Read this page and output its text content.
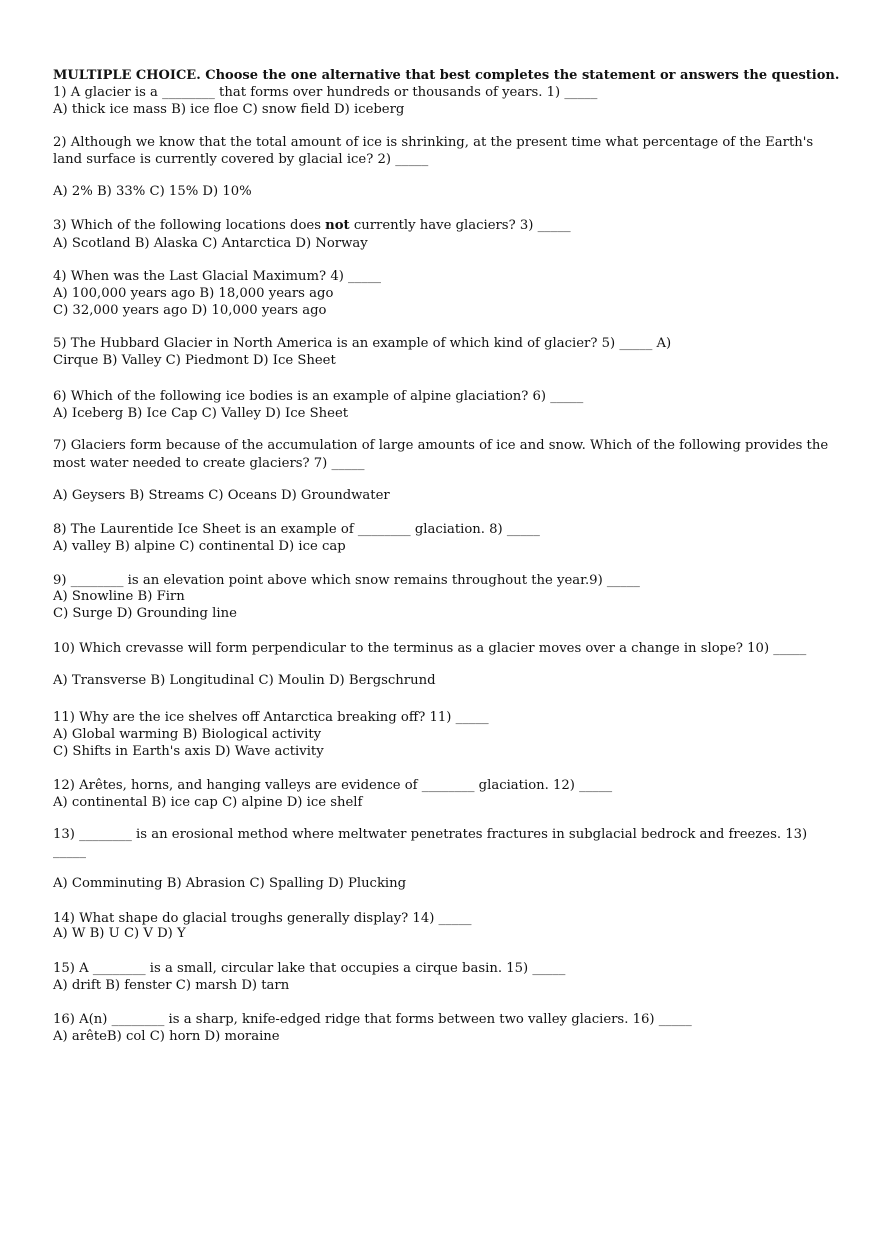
MULTIPLE CHOICE. Choose the one alternative that best completes the statement or answers the question.

1) A glacier is a ________ that forms over hundreds or thousands of years. 1) _____

A) thick ice mass B) ice floe C) snow field D) iceberg

2) Although we know that the total amount of ice is shrinking, at the present time what percentage of the Earth's

land surface is currently covered by glacial ice? 2) _____

A) 2% B) 33% C) 15% D) 10%

3) Which of the following locations does not currently have glaciers? 3) _____

A) Scotland B) Alaska C) Antarctica D) Norway

4) When was the Last Glacial Maximum? 4) _____

A) 100,000 years ago B) 18,000 years ago

C) 32,000 years ago D) 10,000 years ago

5) The Hubbard Glacier in North America is an example of which kind of glacier? 5) _____ A)

Cirque B) Valley C) Piedmont D) Ice Sheet

6) Which of the following ice bodies is an example of alpine glaciation? 6) _____

A) Iceberg B) Ice Cap C) Valley D) Ice Sheet

7) Glaciers form because of the accumulation of large amounts of ice and snow. Which of the following provides the

most water needed to create glaciers? 7) _____

A) Geysers B) Streams C) Oceans D) Groundwater

8) The Laurentide Ice Sheet is an example of ________ glaciation. 8) _____

A) valley B) alpine C) continental D) ice cap

9) ________ is an elevation point above which snow remains throughout the year.9) _____

A) Snowline B) Firn

C) Surge D) Grounding line

10) Which crevasse will form perpendicular to the terminus as a glacier moves over a change in slope? 10) _____

A) Transverse B) Longitudinal C) Moulin D) Bergschrund

11) Why are the ice shelves off Antarctica breaking off? 11) _____

A) Global warming B) Biological activity

C) Shifts in Earth's axis D) Wave activity

12) Arêtes, horns, and hanging valleys are evidence of ________ glaciation. 12) _____

A) continental B) ice cap C) alpine D) ice shelf

13) ________ is an erosional method where meltwater penetrates fractures in subglacial bedrock and freezes. 13)

_____

A) Comminuting B) Abrasion C) Spalling D) Plucking

14) What shape do glacial troughs generally display? 14) _____

A) W B) U C) V D) Y

15) A ________ is a small, circular lake that occupies a cirque basin. 15) _____

A) drift B) fenster C) marsh D) tarn

16) A(n) ________ is a sharp, knife-edged ridge that forms between two valley glaciers. 16) _____

A) arêteB) col C) horn D) moraine
